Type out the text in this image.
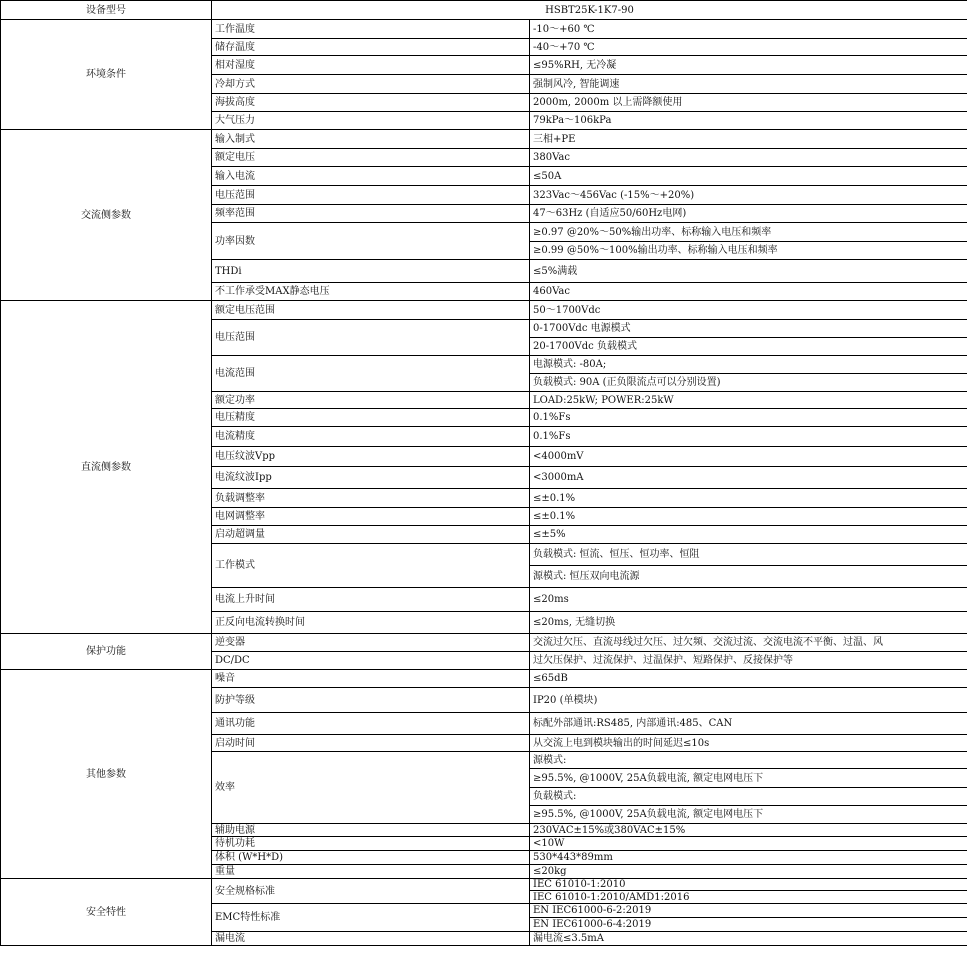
设备型号	HSBT25K-1K7-90	
环境条件	工作温度	-10～+60 ℃
	储存温度	-40～+70 ℃
	相对湿度	≤95%RH, 无冷凝
	冷却方式	强制风冷, 智能调速
	海拔高度	2000m, 2000m 以上需降额使用
	大气压力	79kPa～106kPa
交流侧参数	输入制式	三相+PE
	额定电压	380Vac
	输入电流	≤50A
	电压范围	323Vac～456Vac (-15%～+20%)
	频率范围	47～63Hz (自适应50/60Hz电网)
	功率因数	≥0.97 @20%～50%输出功率、标称输入电压和频率
		≥0.99 @50%～100%输出功率、标称输入电压和频率
	THDi	≤5%满载
	不工作承受MAX静态电压	460Vac
直流侧参数	额定电压范围	50～1700Vdc
	电压范围	0-1700Vdc 电源模式
		20-1700Vdc 负载模式
	电流范围	电源模式: -80A;
		负载模式: 90A (正负限流点可以分别设置)
	额定功率	LOAD:25kW; POWER:25kW
	电压精度	0.1%Fs
	电流精度	0.1%Fs
	电压纹波Vpp	<4000mV
	电流纹波Ipp	<3000mA
	负载调整率	≤±0.1%
	电网调整率	≤±0.1%
	启动超调量	≤±5%
	工作模式	负载模式: 恒流、恒压、恒功率、恒阻
		源模式: 恒压双向电流源
	电流上升时间	≤20ms
	正反向电流转换时间	≤20ms, 无缝切换
保护功能	逆变器	交流过欠压、直流母线过欠压、过欠频、交流过流、交流电流不平衡、过温、风
	DC/DC	过欠压保护、过流保护、过温保护、短路保护、反接保护等
其他参数	噪音	≤65dB
	防护等级	IP20 (单模块)
	通讯功能	标配外部通讯:RS485, 内部通讯:485、CAN
	启动时间	从交流上电到模块输出的时间延迟≤10s
	效率	源模式:
		≥95.5%, @1000V, 25A负载电流, 额定电网电压下
		负载模式:
		≥95.5%, @1000V, 25A负载电流, 额定电网电压下
	辅助电源	230VAC±15%或380VAC±15%
	待机功耗	<10W
	体积 (W*H*D)	530*443*89mm
	重量	≤20kg
安全特性	安全规格标准	IEC 61010-1:2010
		IEC 61010-1:2010/AMD1:2016
	EMC特性标准	EN IEC61000-6-2:2019
		EN IEC61000-6-4:2019
	漏电流	漏电流≤3.5mA
